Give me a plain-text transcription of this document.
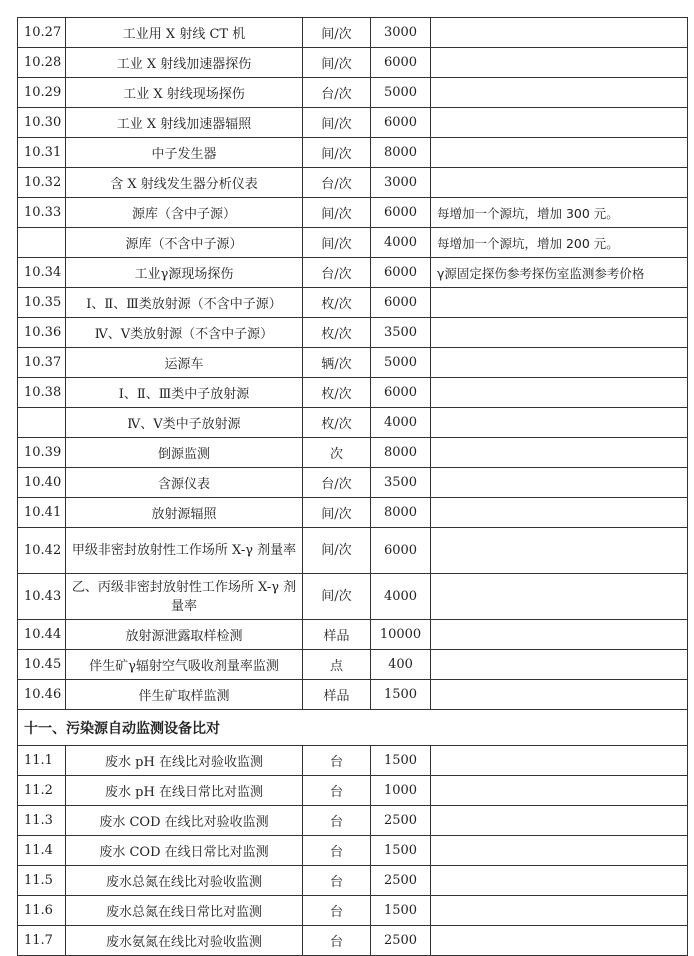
10.27	工业用 X 射线 CT 机	间/次	3000	
10.28	工业 X 射线加速器探伤	间/次	6000	
10.29	工业 X 射线现场探伤	台/次	5000	
10.30	工业 X 射线加速器辐照	间/次	6000	
10.31	中子发生器	间/次	8000	
10.32	含 X 射线发生器分析仪表	台/次	3000	
10.33	源库（含中子源）	间/次	6000	每增加一个源坑，增加 300 元。
	源库（不含中子源）	间/次	4000	每增加一个源坑，增加 200 元。
10.34	工业γ源现场探伤	台/次	6000	γ源固定探伤参考探伤室监测参考价格
10.35	Ⅰ、Ⅱ、Ⅲ类放射源（不含中子源）	枚/次	6000	
10.36	Ⅳ、Ⅴ类放射源（不含中子源）	枚/次	3500	
10.37	运源车	辆/次	5000	
10.38	Ⅰ、Ⅱ、Ⅲ类中子放射源	枚/次	6000	
	Ⅳ、Ⅴ类中子放射源	枚/次	4000	
10.39	倒源监测	次	8000	
10.40	含源仪表	台/次	3500	
10.41	放射源辐照	间/次	8000	
10.42	甲级非密封放射性工作场所 X-γ 剂量率	间/次	6000	
10.43	乙、丙级非密封放射性工作场所 X-γ 剂量率	间/次	4000	
10.44	放射源泄露取样检测	样品	10000	
10.45	伴生矿γ辐射空气吸收剂量率监测	点	400	
10.46	伴生矿取样监测	样品	1500	
十一、污染源自动监测设备比对				
11.1	废水 pH 在线比对验收监测	台	1500	
11.2	废水 pH 在线日常比对监测	台	1000	
11.3	废水 COD 在线比对验收监测	台	2500	
11.4	废水 COD 在线日常比对监测	台	1500	
11.5	废水总氮在线比对验收监测	台	2500	
11.6	废水总氮在线日常比对监测	台	1500	
11.7	废水氨氮在线比对验收监测	台	2500	
